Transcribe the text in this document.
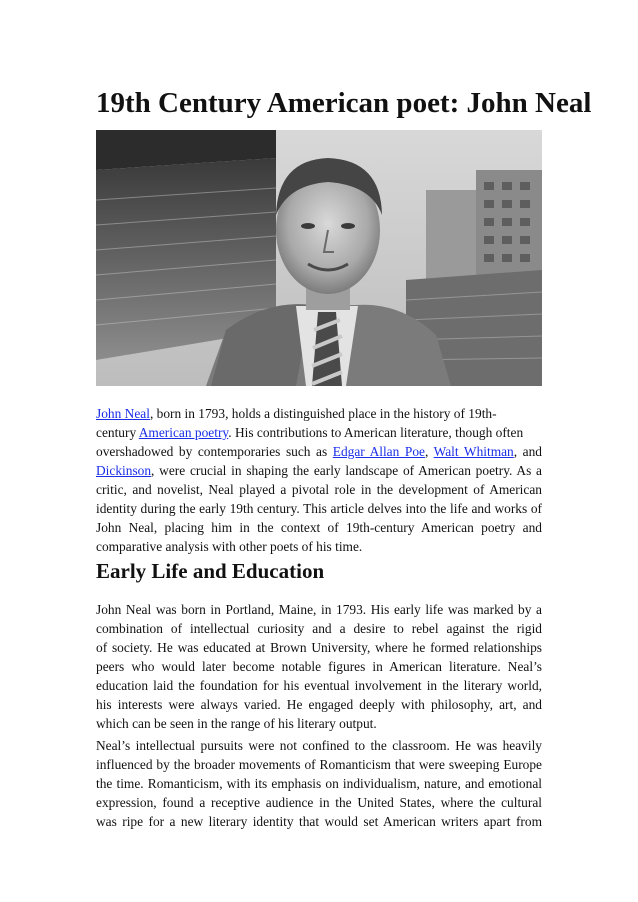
19th Century American poet: John Neal
John Neal, born in 1793, holds a distinguished place in the history of 19th-
century American poetry. His contributions to American literature, though often
overshadowed by contemporaries such as Edgar Allan Poe, Walt Whitman, and
Dickinson, were crucial in shaping the early landscape of American poetry. As a
critic, and novelist, Neal played a pivotal role in the development of American
identity during the early 19th century. This article delves into the life and works of
John Neal, placing him in the context of 19th-century American poetry and
comparative analysis with other poets of his time.
Early Life and Education
John Neal was born in Portland, Maine, in 1793. His early life was marked by a
combination of intellectual curiosity and a desire to rebel against the rigid
of society. He was educated at Brown University, where he formed relationships
peers who would later become notable figures in American literature. Neal’s
education laid the foundation for his eventual involvement in the literary world,
his interests were always varied. He engaged deeply with philosophy, art, and
which can be seen in the range of his literary output.
Neal’s intellectual pursuits were not confined to the classroom. He was heavily
influenced by the broader movements of Romanticism that were sweeping Europe
the time. Romanticism, with its emphasis on individualism, nature, and emotional
expression, found a receptive audience in the United States, where the cultural
was ripe for a new literary identity that would set American writers apart from
